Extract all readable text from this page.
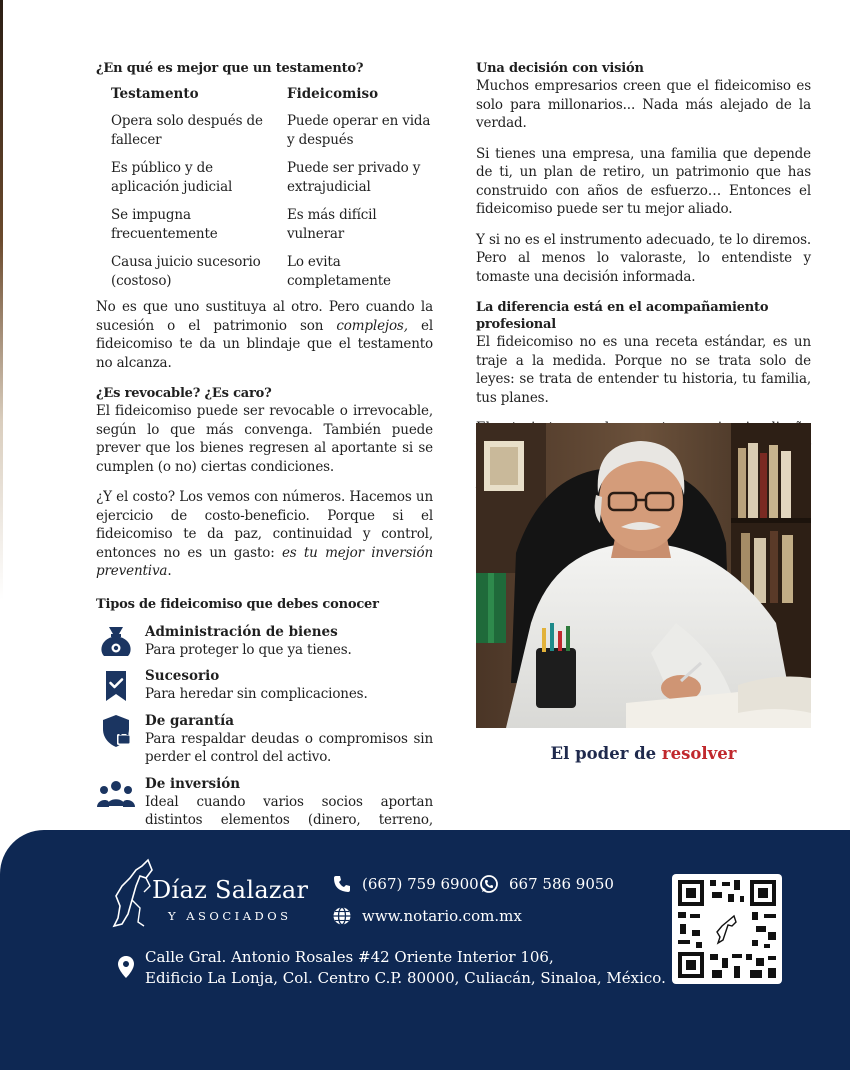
¿En qué es mejor que un testamento?
Testamento	Fideicomiso
Opera solo después de fallecer
Puede operar en vida y después
Es público y de aplicación judicial
Puede ser privado y extrajudicial
Se impugna frecuentemente
Es más difícil vulnerar
Causa juicio sucesorio (costoso)
Lo evita completamente

No es que uno sustituya al otro. Pero cuando la sucesión o el patrimonio son complejos, el fideicomiso te da un blindaje que el testamento no alcanza.

¿Es revocable? ¿Es caro?

El fideicomiso puede ser revocable o irrevocable, según lo que más convenga. También puede prever que los bienes regresen al aportante si se cumplen (o no) ciertas condiciones.

¿Y el costo? Los vemos con números. Hacemos un ejercicio de costo-beneficio. Porque si el fideicomiso te da paz, continuidad y control, entonces no es un gasto: es tu mejor inversión preventiva.

Tipos de fideicomiso que debes conocer
Administración de bienes
Para proteger lo que ya tienes.
Sucesorio
Para heredar sin complicaciones.
De garantía
Para respaldar deudas o compromisos sin perder el control del activo.
De inversión
Ideal cuando varios socios aportan distintos elementos (dinero, terreno,
Una decisión con visión

Muchos empresarios creen que el fideicomiso es solo para millonarios... Nada más alejado de la verdad.

Si tienes una empresa, una familia que depende de ti, un plan de retiro, un patrimonio que has construido con años de esfuerzo… Entonces el fideicomiso puede ser tu mejor aliado.

Y si no es el instrumento adecuado, te lo diremos. Pero al menos lo valoraste, lo entendiste y tomaste una decisión informada.

La diferencia está en el acompañamiento profesional

El fideicomiso no es una receta estándar, es un traje a la medida. Porque no se trata solo de leyes: se trata de entender tu historia, tu familia, tus planes.

El poder de resolver
Díaz Salazar
Y ASOCIADOS
(667) 759 6900 667 586 9050
www.notario.com.mx
Calle Gral. Antonio Rosales #42 Oriente Interior 106,
Edificio La Lonja, Col. Centro C.P. 80000, Culiacán, Sinaloa, México.
